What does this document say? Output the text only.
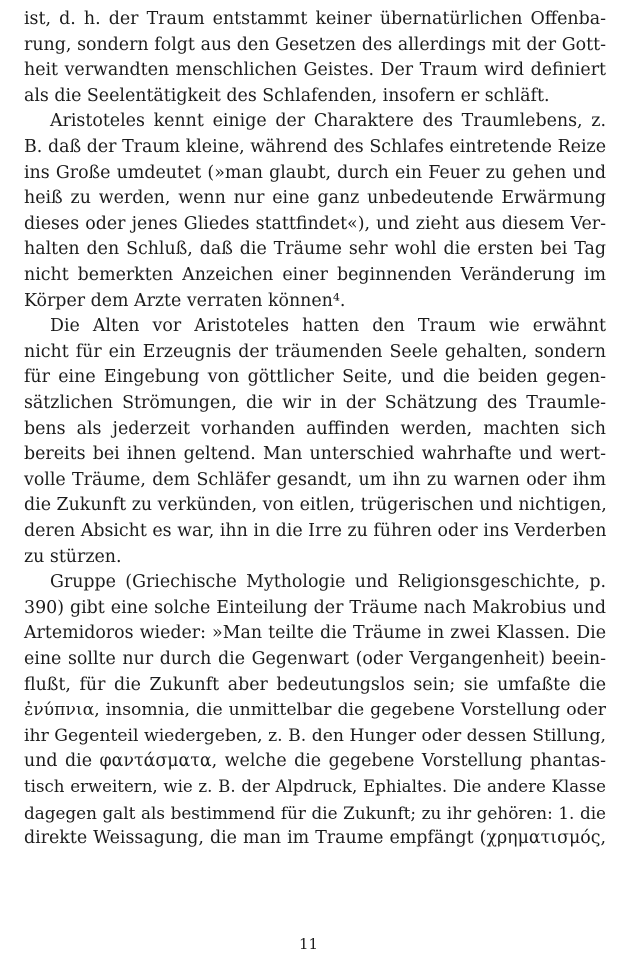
ist, d. h. der Traum entstammt keiner übernatürlichen Offenba-
rung, sondern folgt aus den Gesetzen des allerdings mit der Gott-
heit verwandten menschlichen Geistes. Der Traum wird definiert
als die Seelentätigkeit des Schlafenden, insofern er schläft.
Aristoteles kennt einige der Charaktere des Traumlebens, z.
B. daß der Traum kleine, während des Schlafes eintretende Reize
ins Große umdeutet (»man glaubt, durch ein Feuer zu gehen und
heiß zu werden, wenn nur eine ganz unbedeutende Erwärmung
dieses oder jenes Gliedes stattfindet«), und zieht aus diesem Ver-
halten den Schluß, daß die Träume sehr wohl die ersten bei Tag
nicht bemerkten Anzeichen einer beginnenden Veränderung im
Körper dem Arzte verraten können⁴.
Die Alten vor Aristoteles hatten den Traum wie erwähnt
nicht für ein Erzeugnis der träumenden Seele gehalten, sondern
für eine Eingebung von göttlicher Seite, und die beiden gegen-
sätzlichen Strömungen, die wir in der Schätzung des Traumle-
bens als jederzeit vorhanden auffinden werden, machten sich
bereits bei ihnen geltend. Man unterschied wahrhafte und wert-
volle Träume, dem Schläfer gesandt, um ihn zu warnen oder ihm
die Zukunft zu verkünden, von eitlen, trügerischen und nichtigen,
deren Absicht es war, ihn in die Irre zu führen oder ins Verderben
zu stürzen.
Gruppe (Griechische Mythologie und Religionsgeschichte, p.
390) gibt eine solche Einteilung der Träume nach Makrobius und
Artemidoros wieder: »Man teilte die Träume in zwei Klassen. Die
eine sollte nur durch die Gegenwart (oder Vergangenheit) beein-
flußt, für die Zukunft aber bedeutungslos sein; sie umfaßte die
ἐνύπνια, insomnia, die unmittelbar die gegebene Vorstellung oder
ihr Gegenteil wiedergeben, z. B. den Hunger oder dessen Stillung,
und die φαντάσματα, welche die gegebene Vorstellung phantas-
tisch erweitern, wie z. B. der Alpdruck, Ephialtes. Die andere Klasse
dagegen galt als bestimmend für die Zukunft; zu ihr gehören: 1. die
direkte Weissagung, die man im Traume empfängt (χρηματισμός,
11
